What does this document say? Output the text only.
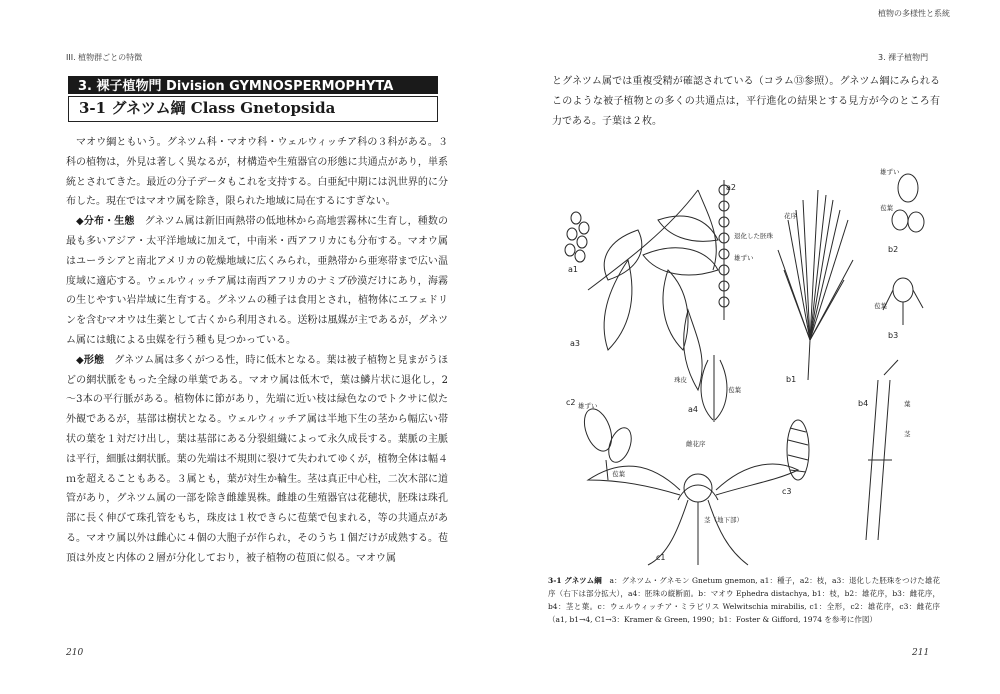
III. 植物群ごとの特徴
3. 裸子植物門 Division GYMNOSPERMOPHYTA
3-1 グネツム綱 Class Gnetopsida

マオウ綱ともいう。グネツム科・マオウ科・ウェルウィッチア科の３科がある。３科の植物は，外見は著しく異なるが，材構造や生殖器官の形態に共通点があり，単系統とされてきた。最近の分子データもこれを支持する。白亜紀中期には汎世界的に分布した。現在ではマオウ属を除き，限られた地域に局在するにすぎない。

◆分布・生態　 グネツム属は新旧両熱帯の低地林から高地雲霧林に生育し，種数の最も多いアジア・太平洋地域に加えて，中南米・西アフリカにも分布する。マオウ属はユーラシアと南北アメリカの乾燥地域に広くみられ，亜熱帯から亜寒帯まで広い温度域に適応する。ウェルウィッチア属は南西アフリカのナミブ砂漠だけにあり，海霧の生じやすい岩岸域に生育する。グネツムの種子は食用とされ，植物体にエフェドリンを含むマオウは生薬として古くから利用される。送粉は風媒が主であるが，グネツム属には蛾による虫媒を行う種も見つかっている。

◆形態　 グネツム属は多くがつる性，時に低木となる。葉は被子植物と見まがうほどの網状脈をもった全縁の単葉である。マオウ属は低木で，葉は鱗片状に退化し，2～3本の平行脈がある。植物体に節があり，先端に近い枝は緑色なのでトクサに似た外観であるが，基部は樹状となる。ウェルウィッチア属は半地下生の茎から幅広い帯状の葉を１対だけ出し，葉は基部にある分裂組織によって永久成長する。葉脈の主脈は平行，細脈は網状脈。葉の先端は不規則に裂けて失われてゆくが，植物全体は幅４ｍを超えることもある。３属とも，葉が対生か輪生。茎は真正中心柱，二次木部に道管があり，グネツム属の一部を除き雌雄異株。雌雄の生殖器官は花穂状，胚珠は珠孔部に長く伸びて珠孔管をもち，珠皮は１枚できらに苞葉で包まれる，等の共通点がある。マオウ属以外は雌心に４個の大胞子が作られ，そのうち１個だけが成熟する。苞頂は外皮と内体の２層が分化しており，被子植物の苞頂に似る。マオウ属

210
植物の多様性と系統
3. 裸子植物門
とグネツム属では重複受精が確認されている（コラム⑬参照）。グネツム綱にみられるこのような被子植物との多くの共通点は，平行進化の結果とする見方が今のところ有力である。子葉は２枚。
a1
a2
a3
a4
b1
b2
b3
b4
c1
c2
c3
退化した胚珠
雄ずい
花序
雄ずい
苞葉
苞葉
珠皮
苞葉
雌花序
茎（地下部）
雄ずい
苞葉
葉
茎
3-1 グネツム綱　 a：グネツム・グネモン Gnetum gnemon, a1：種子，a2：枝，a3：退化した胚珠をつけた雄花序（右下は部分拡大），a4：胚珠の縦断面。b：マオウ Ephedra distachya, b1：枝，b2：雄花序，b3：雌花序，b4：茎と葉。c：ウェルウィッチア・ミラビリス Welwitschia mirabilis, c1：全形，c2：雄花序，c3：雌花序（a1, b1→4, C1→3：Kramer & Green, 1990；b1：Foster & Gifford, 1974 を参考に作図）
211
